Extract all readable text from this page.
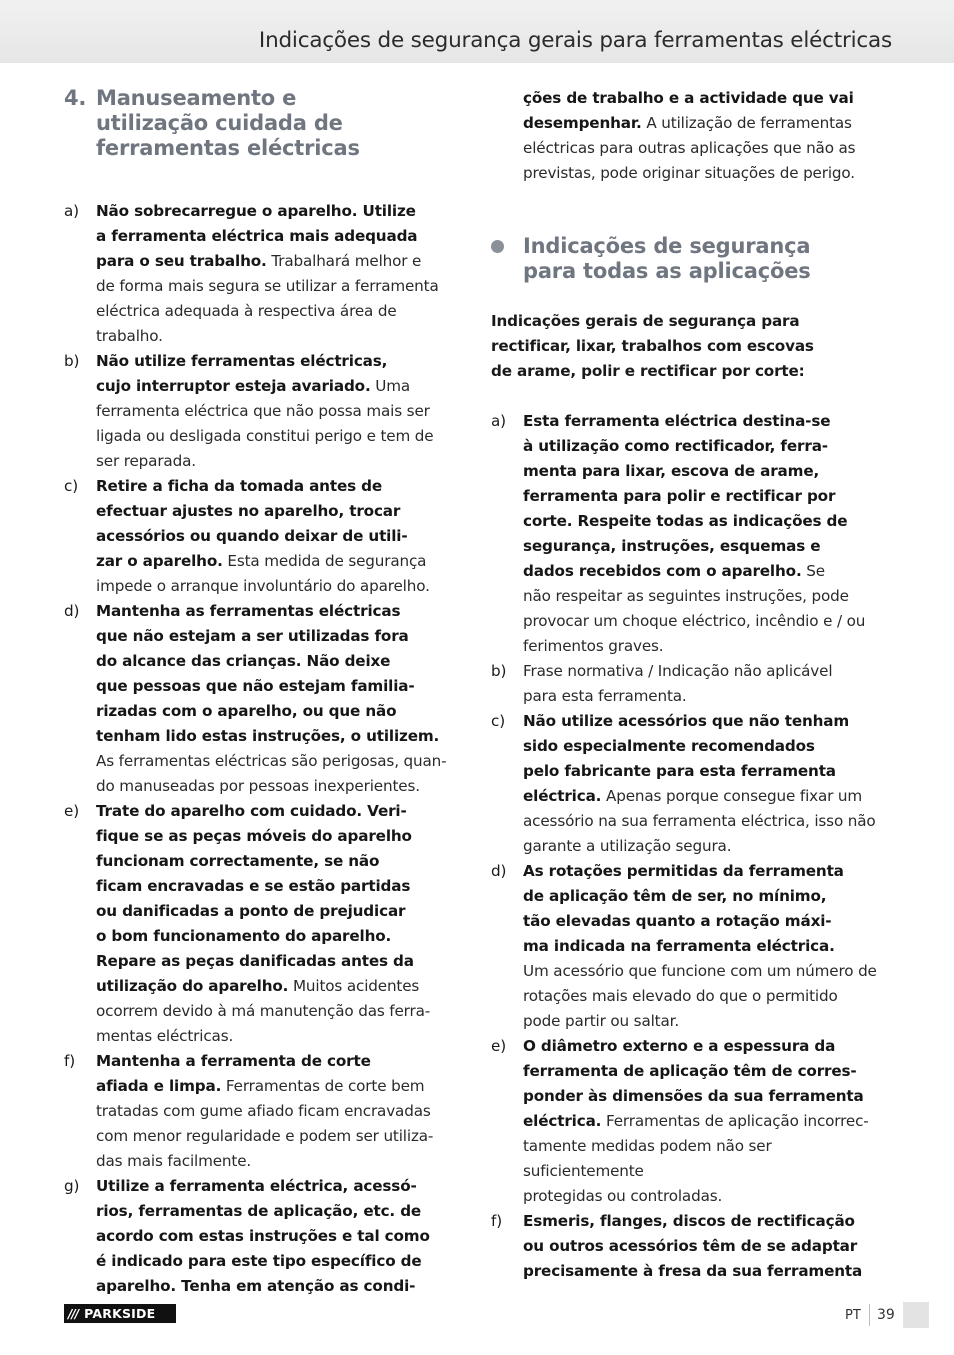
Indicações de segurança gerais para ferramentas eléctricas
4. Manuseamento e
utilização cuidada de
ferramentas eléctricas
a)	Não sobrecarregue o aparelho. Utilize
a ferramenta eléctrica mais adequada
para o seu trabalho. Trabalhará melhor e
de forma mais segura se utilizar a ferramenta
eléctrica adequada à respectiva área de trabalho.
b)	Não utilize ferramentas eléctricas,
cujo interruptor esteja avariado. Uma
ferramenta eléctrica que não possa mais ser
ligada ou desligada constitui perigo e tem de
ser reparada.
c)	Retire a ficha da tomada antes de
efectuar ajustes no aparelho, trocar
acessórios ou quando deixar de utili-
zar o aparelho. Esta medida de segurança
impede o arranque involuntário do aparelho.
d)	Mantenha as ferramentas eléctricas
que não estejam a ser utilizadas fora
do alcance das crianças. Não deixe
que pessoas que não estejam familia-
rizadas com o aparelho, ou que não
tenham lido estas instruções, o utilizem.
As ferramentas eléctricas são perigosas, quan-
do manuseadas por pessoas inexperientes.
e)	Trate do aparelho com cuidado. Veri-
fique se as peças móveis do aparelho
funcionam correctamente, se não
ficam encravadas e se estão partidas
ou danificadas a ponto de prejudicar
o bom funcionamento do aparelho.
Repare as peças danificadas antes da
utilização do aparelho. Muitos acidentes
ocorrem devido à má manutenção das ferra-
mentas eléctricas.
f)	Mantenha a ferramenta de corte
afiada e limpa. Ferramentas de corte bem
tratadas com gume afiado ficam encravadas
com menor regularidade e podem ser utiliza-
das mais facilmente.
g)	Utilize a ferramenta eléctrica, acessó-
rios, ferramentas de aplicação, etc. de
acordo com estas instruções e tal como
é indicado para este tipo específico de
aparelho. Tenha em atenção as condi-
ções de trabalho e a actividade que vai
desempenhar. A utilização de ferramentas
eléctricas para outras aplicações que não as
previstas, pode originar situações de perigo.
Indicações de segurança
para todas as aplicações
Indicações gerais de segurança para
rectificar, lixar, trabalhos com escovas
de arame, polir e rectificar por corte:
a)	Esta ferramenta eléctrica destina-se
à utilização como rectificador, ferra-
menta para lixar, escova de arame,
ferramenta para polir e rectificar por
corte. Respeite todas as indicações de
segurança, instruções, esquemas e
dados recebidos com o aparelho. Se
não respeitar as seguintes instruções, pode
provocar um choque eléctrico, incêndio e / ou
ferimentos graves.
b)	Frase normativa / Indicação não aplicável
para esta ferramenta.
c)	Não utilize acessórios que não tenham
sido especialmente recomendados
pelo fabricante para esta ferramenta
eléctrica. Apenas porque consegue fixar um
acessório na sua ferramenta eléctrica, isso não
garante a utilização segura.
d)	As rotações permitidas da ferramenta
de aplicação têm de ser, no mínimo,
tão elevadas quanto a rotação máxi-
ma indicada na ferramenta eléctrica.
Um acessório que funcione com um número de
rotações mais elevado do que o permitido
pode partir ou saltar.
e)	O diâmetro externo e a espessura da
ferramenta de aplicação têm de corres-
ponder às dimensões da sua ferramenta
eléctrica. Ferramentas de aplicação incorrec-
tamente medidas podem não ser suficientemente
protegidas ou controladas.
f)	Esmeris, flanges, discos de rectificação
ou outros acessórios têm de se adaptar
precisamente à fresa da sua ferramenta
/// PARKSIDE	PT 39
